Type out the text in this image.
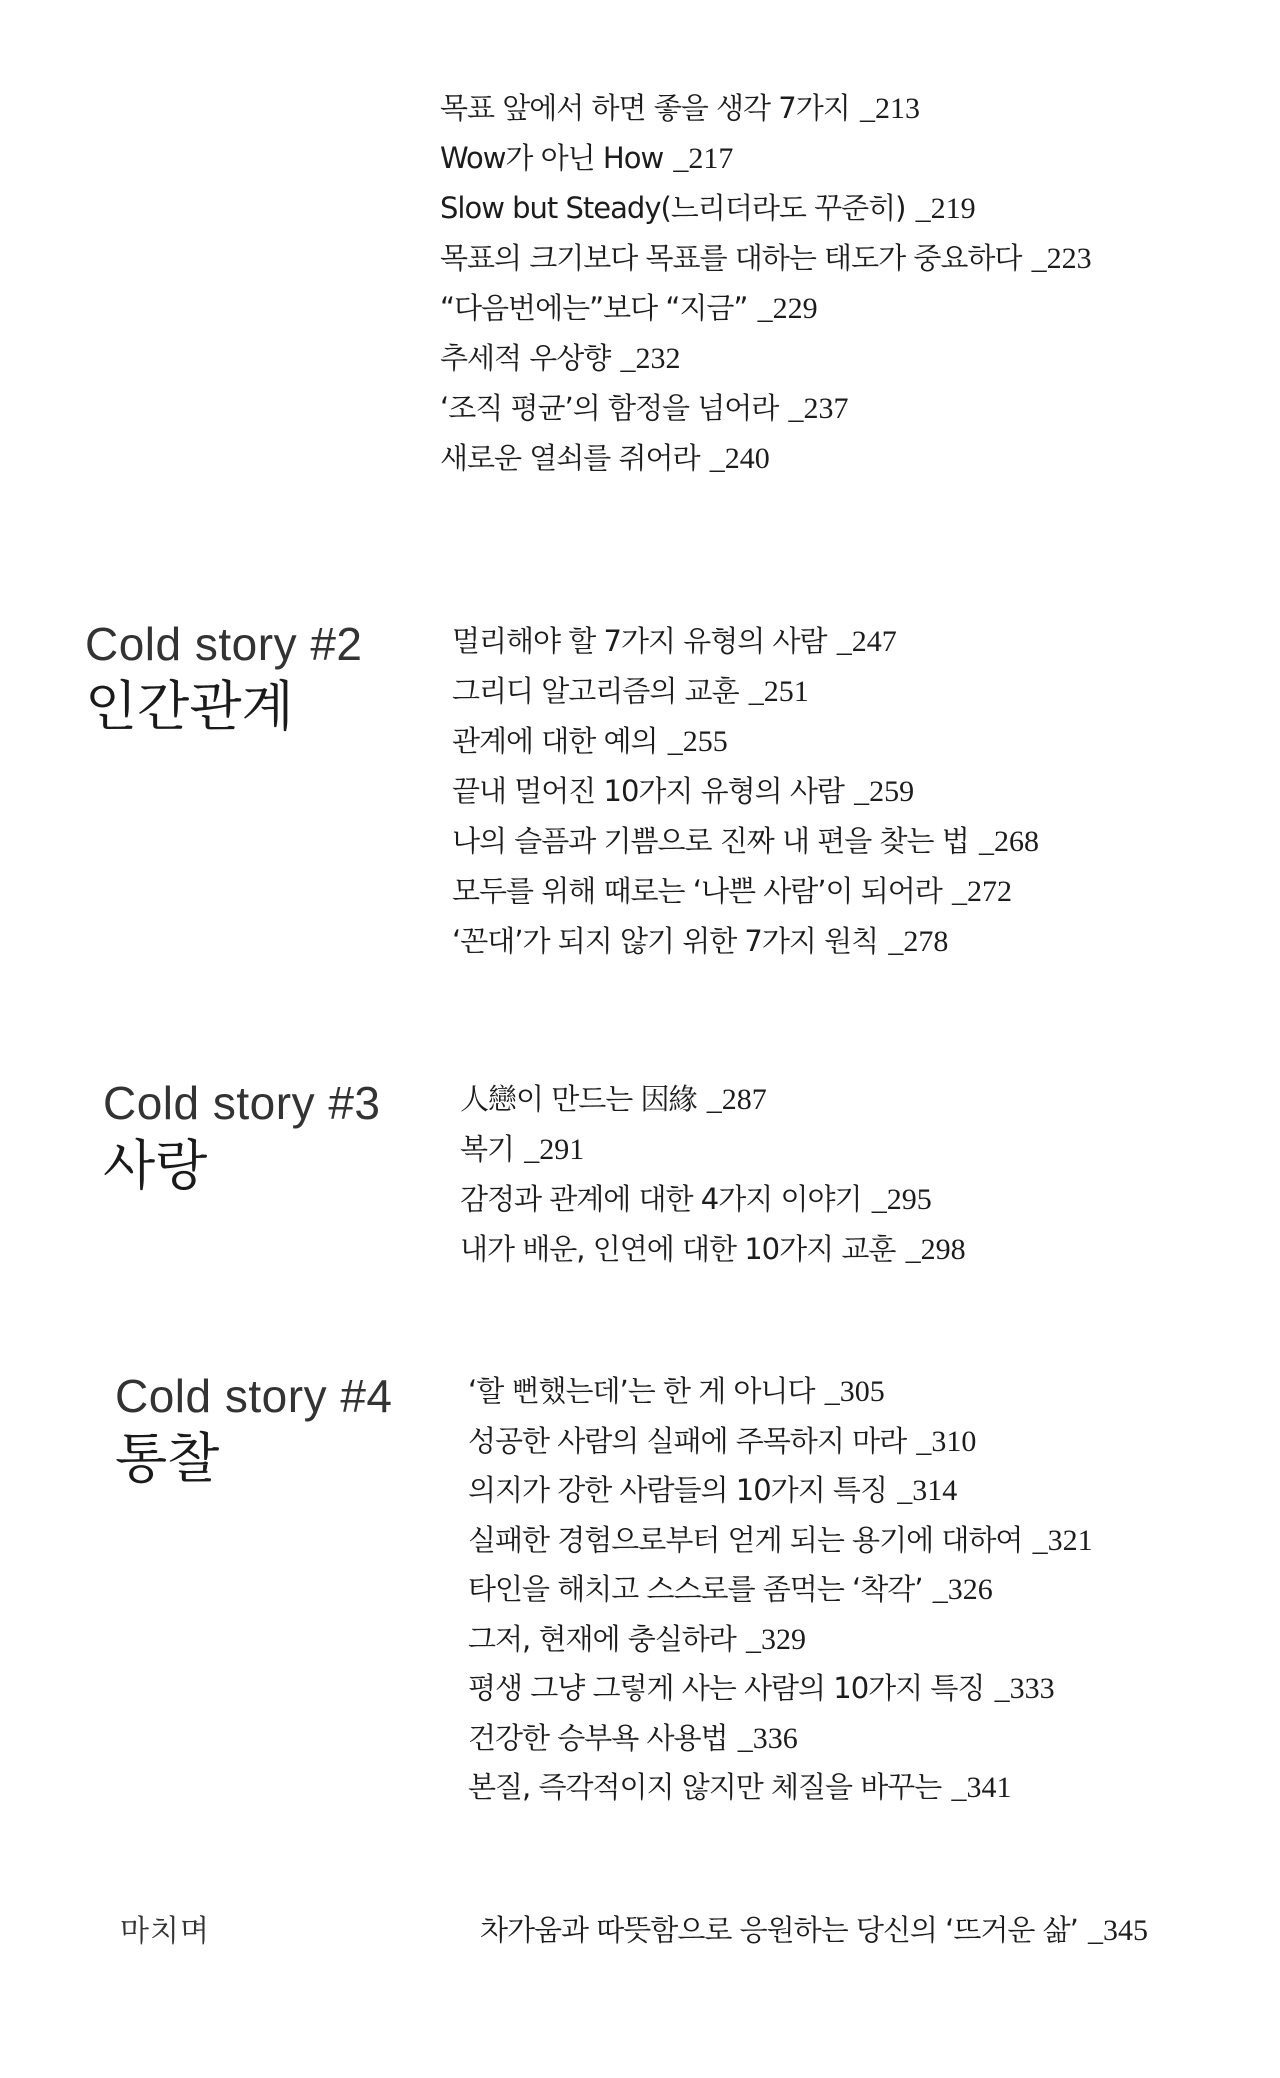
목표 앞에서 하면 좋을 생각 7가지 _213
Wow가 아닌 How _217
Slow but Steady(느리더라도 꾸준히) _219
목표의 크기보다 목표를 대하는 태도가 중요하다 _223
“다음번에는”보다 “지금” _229
추세적 우상향 _232
‘조직 평균’의 함정을 넘어라 _237
새로운 열쇠를 쥐어라 _240
Cold story #2
인간관계
멀리해야 할 7가지 유형의 사람 _247
그리디 알고리즘의 교훈 _251
관계에 대한 예의 _255
끝내 멀어진 10가지 유형의 사람 _259
나의 슬픔과 기쁨으로 진짜 내 편을 찾는 법 _268
모두를 위해 때로는 ‘나쁜 사람’이 되어라 _272
‘꼰대’가 되지 않기 위한 7가지 원칙 _278
Cold story #3
사랑
人戀이 만드는 因緣 _287
복기 _291
감정과 관계에 대한 4가지 이야기 _295
내가 배운, 인연에 대한 10가지 교훈 _298
Cold story #4
통찰
‘할 뻔했는데’는 한 게 아니다 _305
성공한 사람의 실패에 주목하지 마라 _310
의지가 강한 사람들의 10가지 특징 _314
실패한 경험으로부터 얻게 되는 용기에 대하여 _321
타인을 해치고 스스로를 좀먹는 ‘착각’ _326
그저, 현재에 충실하라 _329
평생 그냥 그렇게 사는 사람의 10가지 특징 _333
건강한 승부욕 사용법 _336
본질, 즉각적이지 않지만 체질을 바꾸는 _341
마치며	차가움과 따뜻함으로 응원하는 당신의 ‘뜨거운 삶’ _345
